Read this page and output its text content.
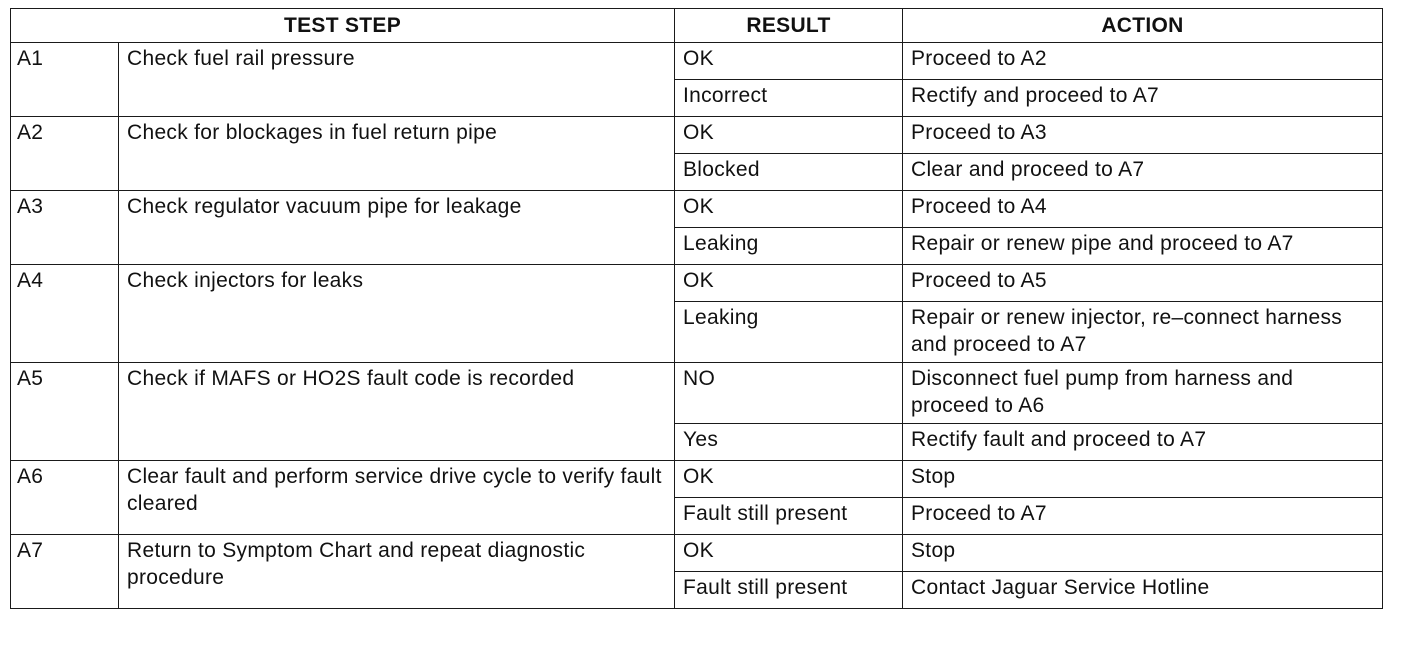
TEST STEP		RESULT	ACTION
A1	Check fuel rail pressure	OK	Proceed to A2
		Incorrect	Rectify and proceed to A7
A2	Check for blockages in fuel return pipe	OK	Proceed to A3
		Blocked	Clear and proceed to A7
A3	Check regulator vacuum pipe for leakage	OK	Proceed to A4
		Leaking	Repair or renew pipe and proceed to A7
A4	Check injectors for leaks	OK	Proceed to A5
		Leaking	Repair or renew injector, re–connect harness and proceed to A7
A5	Check if MAFS or HO2S fault code is recorded	NO	Disconnect fuel pump from harness and proceed to A6
		Yes	Rectify fault and proceed to A7
A6	Clear fault and perform service drive cycle to verify fault cleared	OK	Stop
		Fault still present	Proceed to A7
A7	Return to Symptom Chart and repeat diagnostic procedure	OK	Stop
		Fault still present	Contact Jaguar Service Hotline
